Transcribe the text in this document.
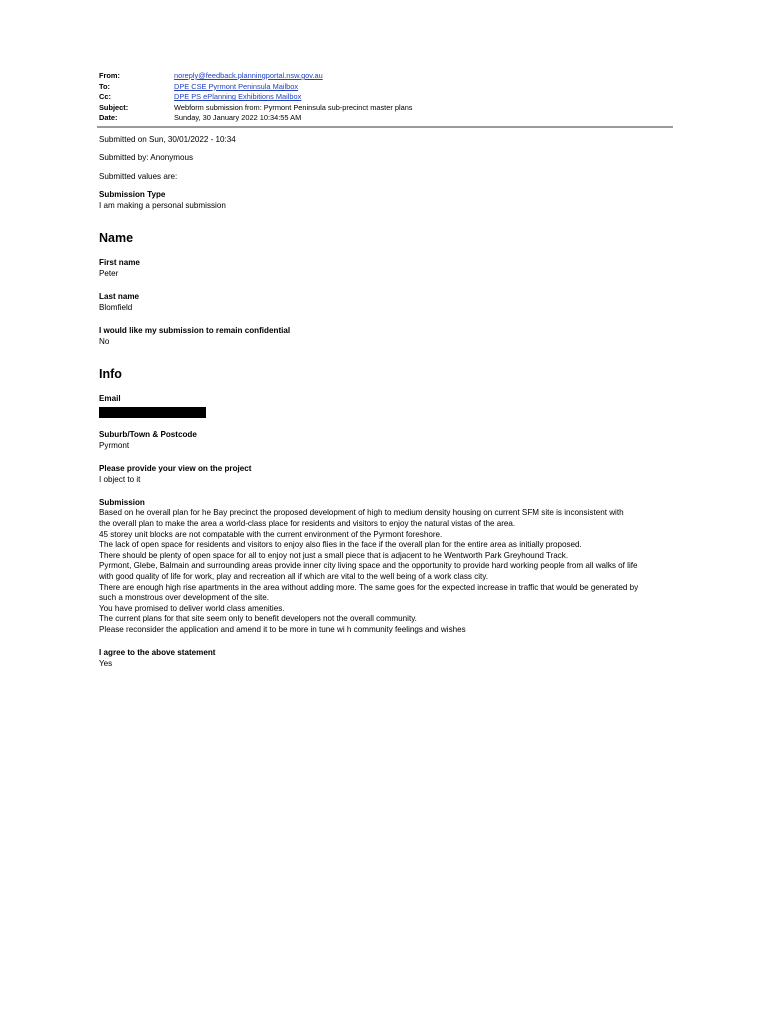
From:	noreply@feedback.planningportal.nsw.gov.au
To:	DPE CSE Pyrmont Peninsula Mailbox
Cc:	DPE PS ePlanning Exhibitions Mailbox
Subject:	Webform submission from: Pyrmont Peninsula sub-precinct master plans
Date:	Sunday, 30 January 2022 10:34:55 AM
Submitted on Sun, 30/01/2022 - 10:34
Submitted by: Anonymous
Submitted values are:
Submission Type
I am making a personal submission
Name
First name
Peter
Last name
Blomfield
I would like my submission to remain confidential
No
Info
Email
Suburb/Town & Postcode
Pyrmont
Please provide your view on the project
I object to it
Submission
Based on he overall plan for he Bay precinct the proposed development of high to medium density housing on current SFM site is inconsistent with
the overall plan to make the area a world-class place for residents and visitors to enjoy the natural vistas of the area.
45 storey unit blocks are not compatable with the current environment of the Pyrmont foreshore.
The lack of open space for residents and visitors to enjoy also flies in the face if the overall plan for the entire area as initially proposed.
There should be plenty of open space for all to enjoy not just a small piece that is adjacent to he Wentworth Park Greyhound Track.
Pyrmont, Glebe, Balmain and surrounding areas provide inner city living space and the opportunity to provide hard working people from all walks of life
with good quality of life for work, play and recreation all if which are vital to the well being of a work class city.
There are enough high rise apartments in the area without adding more. The same goes for the expected increase in traffic that would be generated by
such a monstrous over development of the site.
You have promised to deliver world class amenities.
The current plans for that site seem only to benefit developers not the overall community.
Please reconsider the application and amend it to be more in tune wi h community feelings and wishes
I agree to the above statement
Yes
